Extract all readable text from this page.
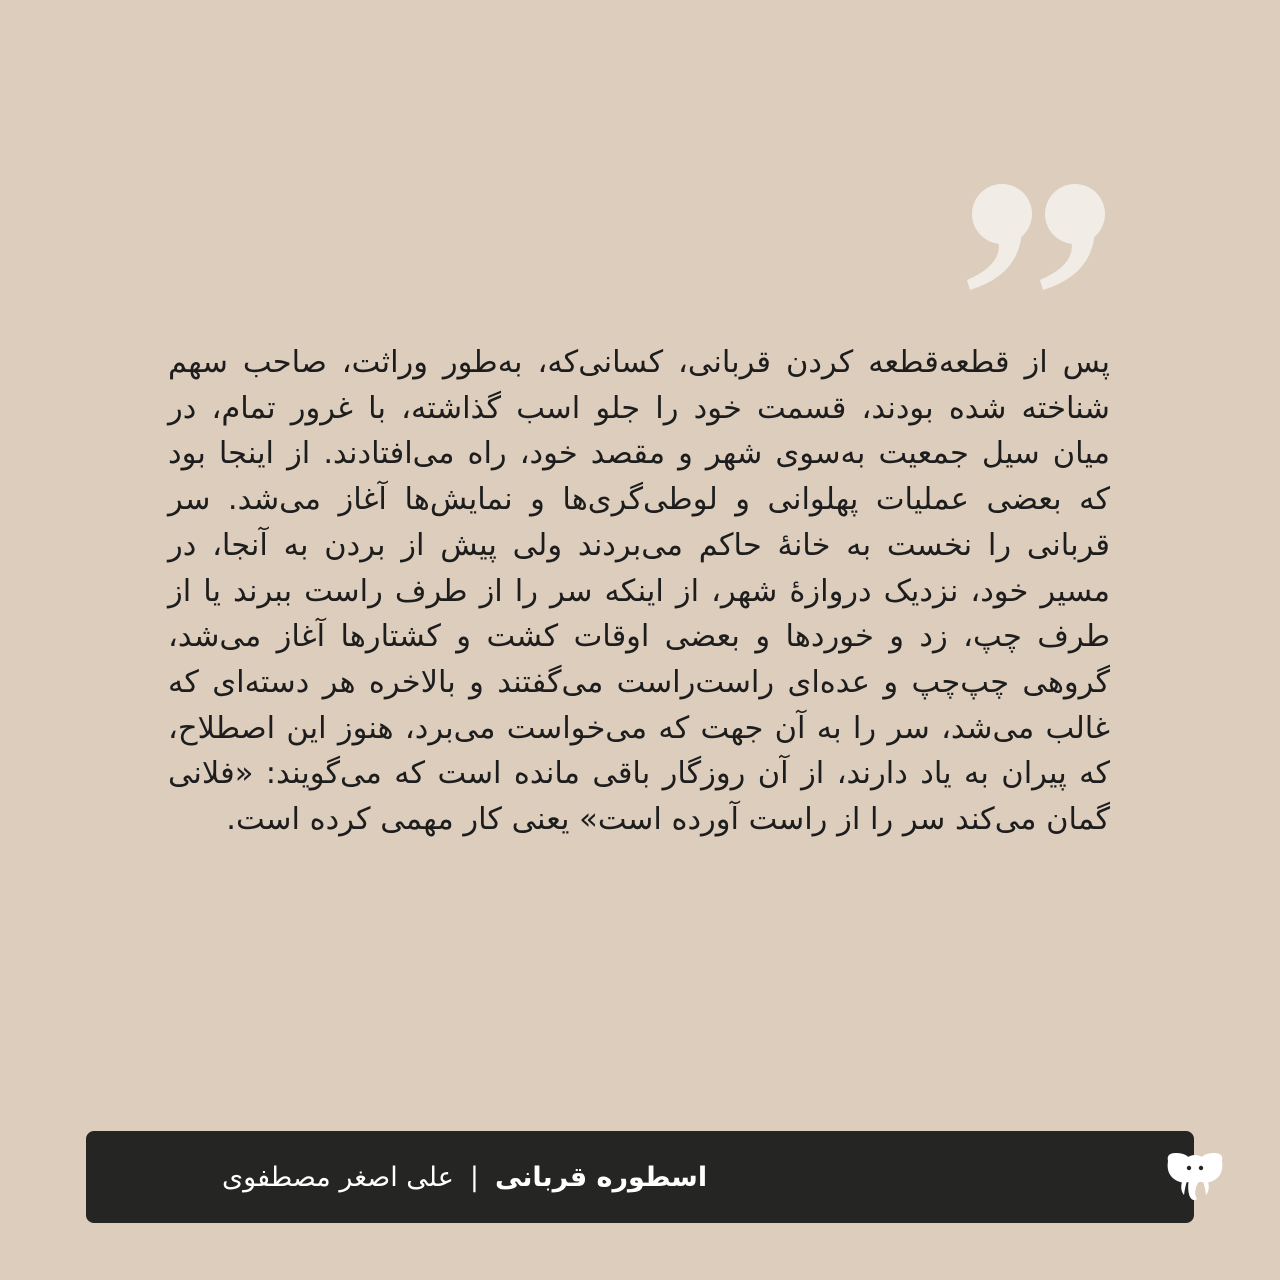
پس از قطعه‌قطعه کردن قربانی، کسانی‌که، به‌طور وراثت، صاحب سهم شناخته شده بودند، قسمت خود را جلو اسب گذاشته، با غرور تمام، در میان سیل جمعیت به‌سوی شهر و مقصد خود، راه می‌افتادند. از اینجا بود که بعضی عملیات پهلوانی و لوطی‌گری‌ها و نمایش‌ها آغاز می‌شد. سر قربانی را نخست به خانهٔ حاکم می‌بردند ولی پیش از بردن به آنجا، در مسیر خود، نزدیک دروازهٔ شهر، از اینکه سر را از طرف راست ببرند یا از طرف چپ، زد و خوردها و بعضی اوقات کشت و کشتارها آغاز می‌شد، گروهی چپ‌چپ و عده‌ای راست‌راست می‌گفتند و بالاخره هر دسته‌ای که غالب می‌شد، سر را به آن جهت که می‌خواست می‌برد، هنوز این اصطلاح، که پیران به یاد دارند، از آن روزگار باقی مانده است که می‌گویند: «فلانی گمان می‌کند سر را از راست آورده است» یعنی کار مهمی کرده است.

اسطوره قربانی
|
علی اصغر مصطفوی
